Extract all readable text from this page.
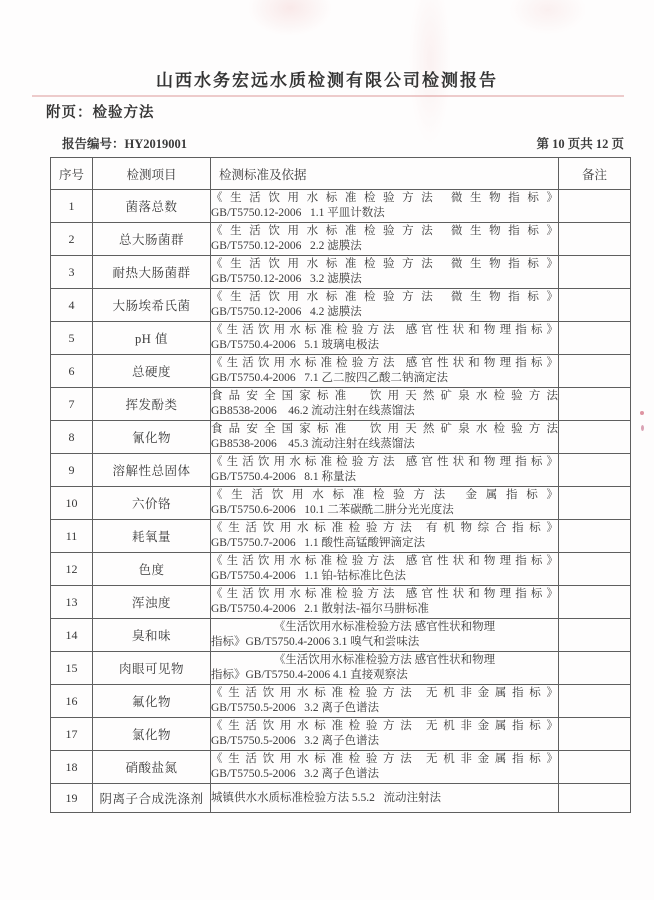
山西水务宏远水质检测有限公司检测报告
附页：检验方法
报告编号：HY2019001	第 10 页共 12 页
序号	检测项目	检测标准及依据	备注
1	菌落总数	《生活饮用水标准检验方法 微生物指标》
GB/T5750.12-2006   1.1 平皿计数法	

2	总大肠菌群	《生活饮用水标准检验方法 微生物指标》
GB/T5750.12-2006   2.2 滤膜法	

3	耐热大肠菌群	《生活饮用水标准检验方法 微生物指标》
GB/T5750.12-2006   3.2 滤膜法	

4	大肠埃希氏菌	《生活饮用水标准检验方法 微生物指标》
GB/T5750.12-2006   4.2 滤膜法	

5	pH 值	《生活饮用水标准检验方法 感官性状和物理指标》
GB/T5750.4-2006   5.1 玻璃电极法	

6	总硬度	《生活饮用水标准检验方法 感官性状和物理指标》
GB/T5750.4-2006   7.1 乙二胺四乙酸二钠滴定法	

7	挥发酚类	食品安全国家标准　饮用天然矿泉水检验方法
GB8538-2006    46.2 流动注射在线蒸馏法	

8	氰化物	食品安全国家标准　饮用天然矿泉水检验方法
GB8538-2006    45.3 流动注射在线蒸馏法	

9	溶解性总固体	《生活饮用水标准检验方法 感官性状和物理指标》
GB/T5750.4-2006   8.1 称量法	

10	六价铬	《生活饮用水标准检验方法 金属指标》
GB/T5750.6-2006   10.1 二苯碳酰二肼分光光度法	

11	耗氧量	《生活饮用水标准检验方法 有机物综合指标》
GB/T5750.7-2006   1.1 酸性高锰酸钾滴定法	

12	色度	《生活饮用水标准检验方法 感官性状和物理指标》
GB/T5750.4-2006   1.1 铂-钴标准比色法	

13	浑浊度	《生活饮用水标准检验方法 感官性状和物理指标》
GB/T5750.4-2006   2.1 散射法-福尔马肼标准	

14	臭和味	《生活饮用水标准检验方法 感官性状和物理
指标》GB/T5750.4-2006 3.1 嗅气和尝味法	

15	肉眼可见物	《生活饮用水标准检验方法 感官性状和物理
指标》GB/T5750.4-2006 4.1 直接观察法	

16	氟化物	《生活饮用水标准检验方法 无机非金属指标》
GB/T5750.5-2006   3.2 离子色谱法	

17	氯化物	《生活饮用水标准检验方法 无机非金属指标》
GB/T5750.5-2006   3.2 离子色谱法	

18	硝酸盐氮	《生活饮用水标准检验方法 无机非金属指标》
GB/T5750.5-2006   3.2 离子色谱法	

19	阴离子合成洗涤剂	城镇供水水质标准检验方法 5.5.2   流动注射法	
